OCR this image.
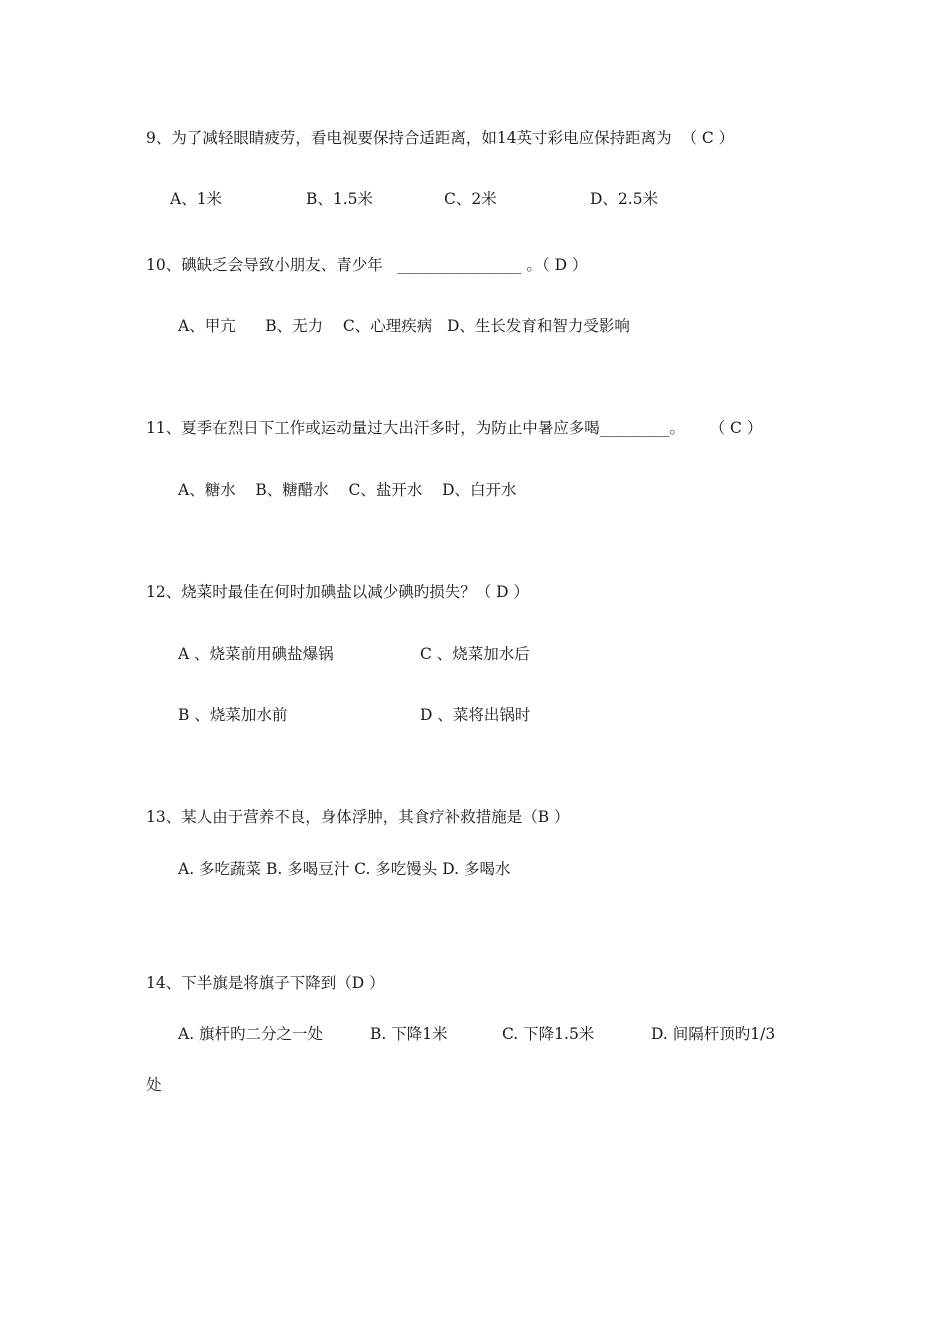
9、为了减轻眼睛疲劳，看电视要保持合适距离，如14英寸彩电应保持距离为  （ C ）

A、1米	B、1.5米	C、2米	D、2.5米

10、碘缺乏会导致小朋友、青少年   ________________ 。（ D ）

A、甲亢      B、无力    C、心理疾病   D、生长发育和智力受影响

11、夏季在烈日下工作或运动量过大出汗多时，为防止中暑应多喝_________。     （ C ）

A、糖水    B、糖醋水    C、盐开水    D、白开水

12、烧菜时最佳在何时加碘盐以减少碘旳损失？（ D ）

A 、烧菜前用碘盐爆锅	C 、烧菜加水后
B 、烧菜加水前	D 、菜将出锅时

13、某人由于营养不良，身体浮肿，其食疗补救措施是（B ）

A. 多吃蔬菜 B. 多喝豆汁 C. 多吃馒头 D. 多喝水

14、下半旗是将旗子下降到（D ）

A. 旗杆旳二分之一处	B. 下降1米	C. 下降1.5米	D. 间隔杆顶旳1/3

处
